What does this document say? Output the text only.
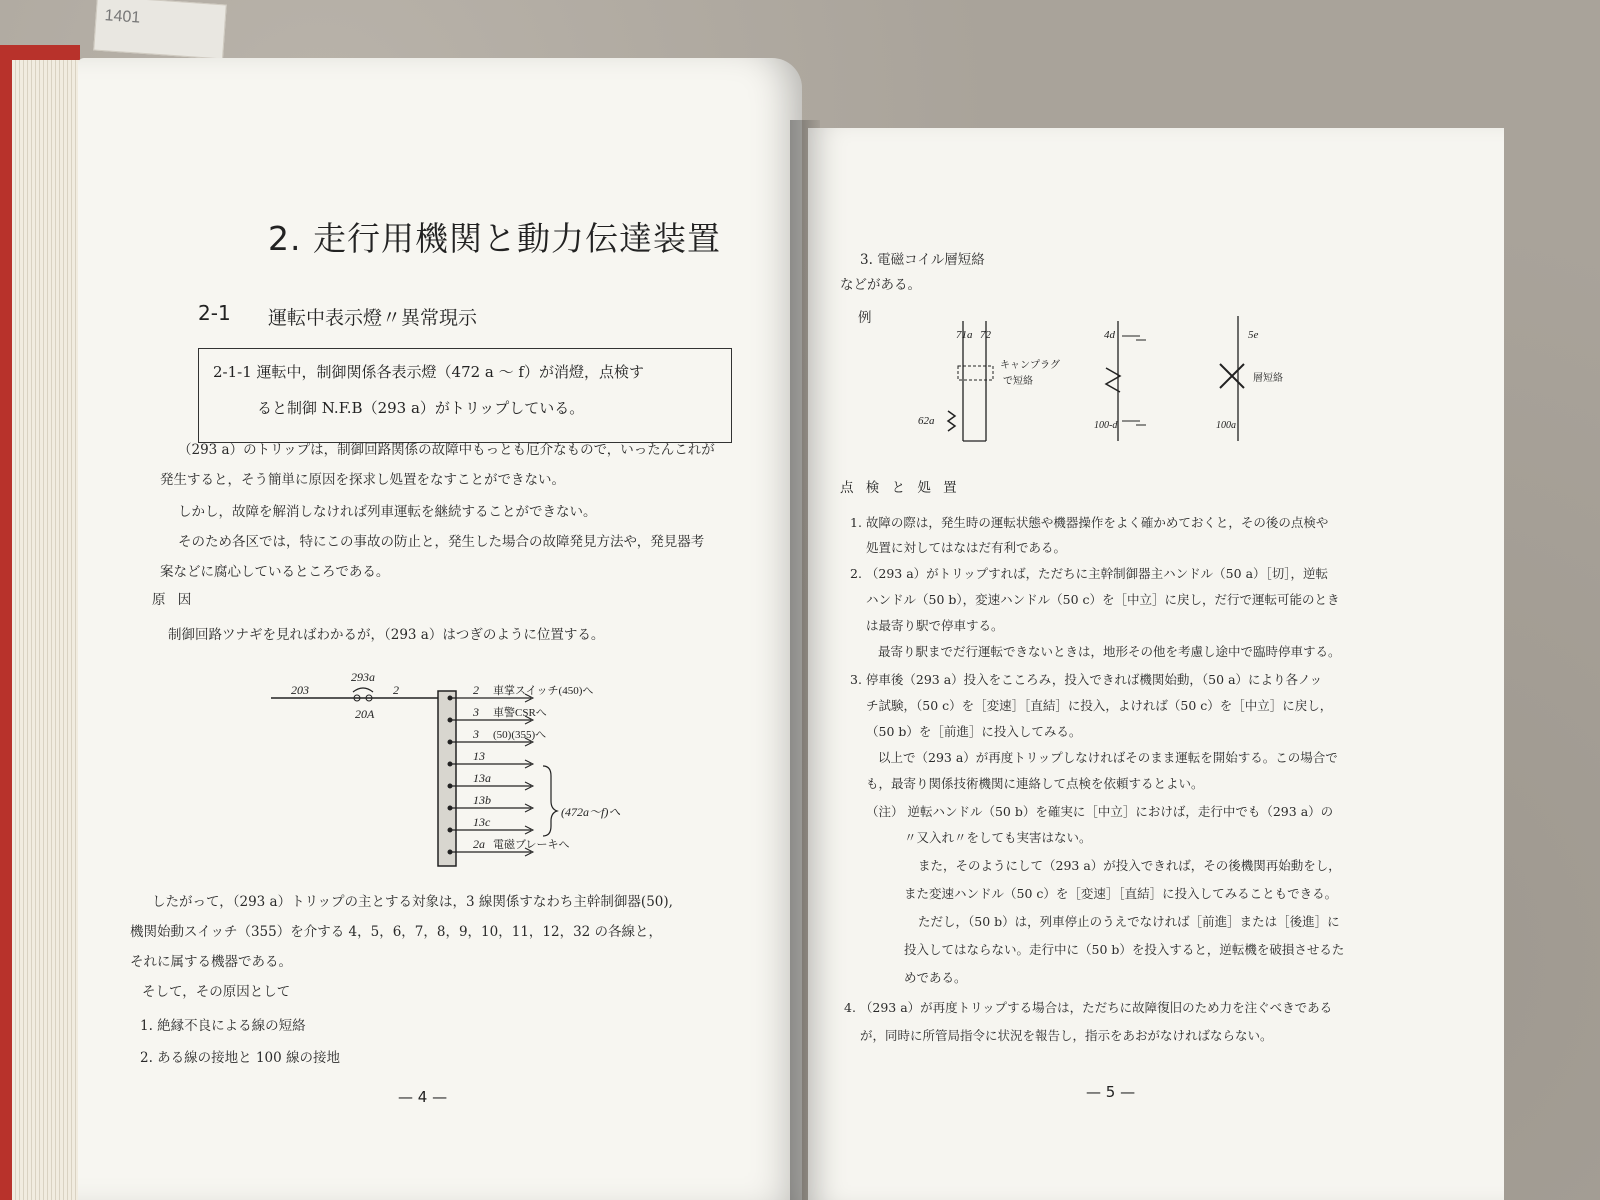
1401
2. 走行用機関と動力伝達装置
2-1 運転中表示燈〃異常現示
2-1-1 運転中，制御関係各表示燈（472 a ～ f）が消燈，点検す
ると制御 N.F.B（293 a）がトリップしている。
（293 a）のトリップは，制御回路関係の故障中もっとも厄介なもので，いったんこれが
発生すると，そう簡単に原因を探求し処置をなすことができない。
しかし，故障を解消しなければ列車運転を継続することができない。
そのため各区では，特にこの事故の防止と，発生した場合の故障発見方法や，発見器考
案などに腐心しているところである。
原 因
制御回路ツナギを見ればわかるが，（293 a）はつぎのように位置する。
293a
203
20A
2	2 車掌スイッチ(450)へ
3 車警CSRへ
3 (50)(355)へ
13
13a
13b
13c
2a 電磁ブレーキへ
(472a～f)へ
したがって，（293 a）トリップの主とする対象は，3 線関係すなわち主幹制御器(50),
機関始動スイッチ（355）を介する 4，5，6，7，8，9，10，11，12，32 の各線と，
それに属する機器である。
そして，その原因として
1. 絶縁不良による線の短絡
2. ある線の接地と 100 線の接地
— 4 —
3. 電磁コイル層短絡
などがある。
例
71a 72
62a
キャンプラグ
で短絡
4d
100-d
5e
100a
層短絡
点 検 と 処 置
1. 故障の際は，発生時の運転状態や機器操作をよく確かめておくと，その後の点検や
処置に対してはなはだ有利である。
2. （293 a）がトリップすれば，ただちに主幹制御器主ハンドル（50 a）［切］，逆転
ハンドル（50 b），変速ハンドル（50 c）を［中立］に戻し，だ行で運転可能のとき
は最寄り駅で停車する。
最寄り駅までだ行運転できないときは，地形その他を考慮し途中で臨時停車する。
3. 停車後（293 a）投入をこころみ，投入できれば機関始動，（50 a）により各ノッ
チ試験，（50 c）を［変速］［直結］に投入，よければ（50 c）を［中立］に戻し，
（50 b）を［前進］に投入してみる。
以上で（293 a）が再度トリップしなければそのまま運転を開始する。この場合で
も，最寄り関係技術機関に連絡して点検を依頼するとよい。
（注） 逆転ハンドル（50 b）を確実に［中立］におけば，走行中でも（293 a）の
〃又入れ〃をしても実害はない。
また，そのようにして（293 a）が投入できれば，その後機関再始動をし，
また変速ハンドル（50 c）を［変速］［直結］に投入してみることもできる。
ただし，（50 b）は，列車停止のうえでなければ［前進］または［後進］に
投入してはならない。走行中に（50 b）を投入すると，逆転機を破損させるた
めである。
4. （293 a）が再度トリップする場合は，ただちに故障復旧のため力を注ぐべきである
が，同時に所管局指令に状況を報告し，指示をあおがなければならない。
— 5 —
